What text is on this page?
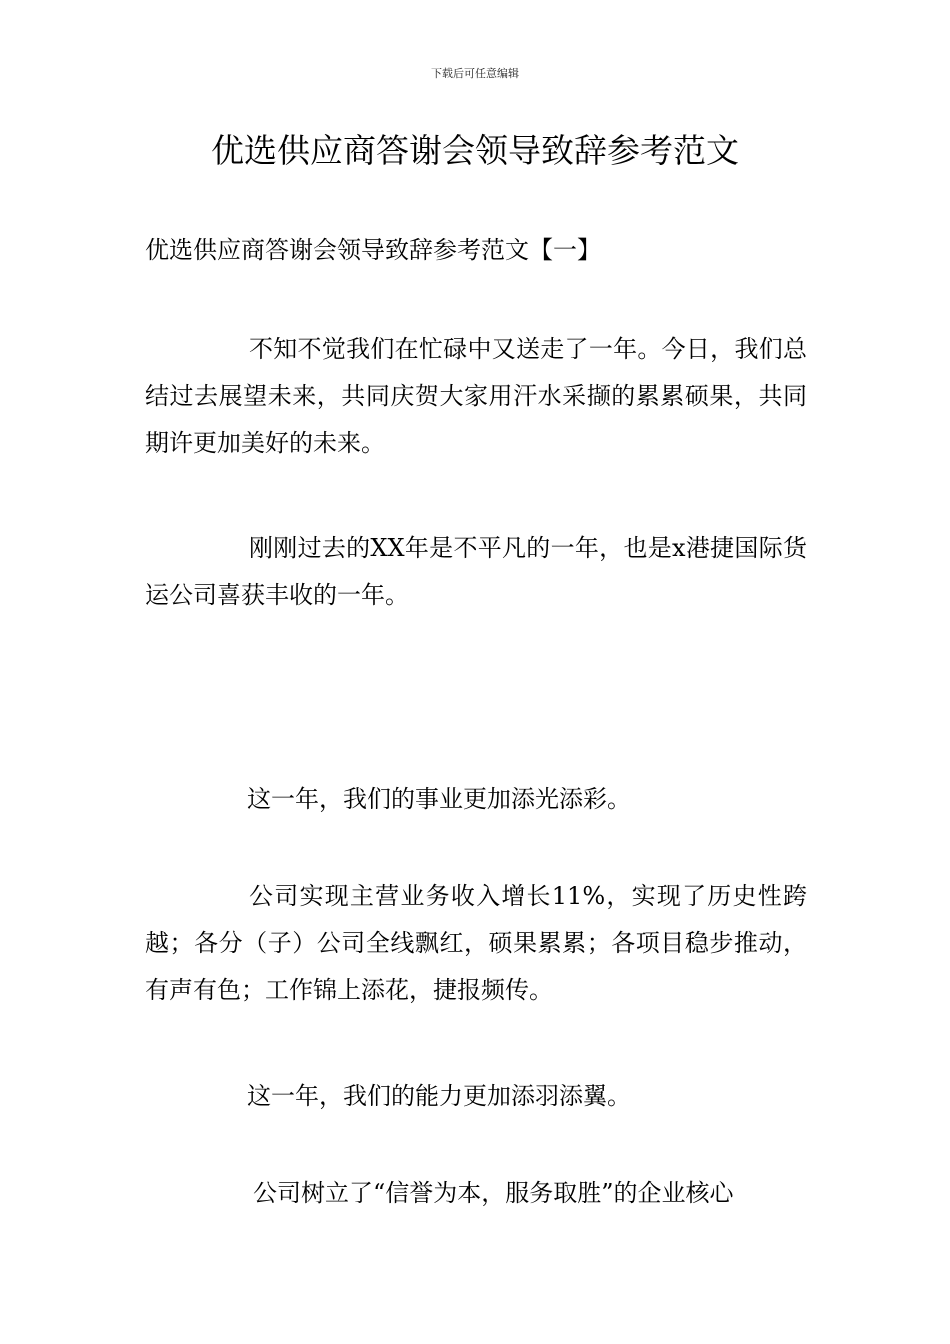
下载后可任意编辑
优选供应商答谢会领导致辞参考范文
优选供应商答谢会领导致辞参考范文【一】

不知不觉我们在忙碌中又送走了一年。今日，我们总结过去展望未来，共同庆贺大家用汗水采撷的累累硕果，共同期许更加美好的未来。

刚刚过去的XX年是不平凡的一年，也是x港捷国际货运公司喜获丰收的一年。

这一年，我们的事业更加添光添彩。

公司实现主营业务收入增长11%，实现了历史性跨越；各分（子）公司全线飘红，硕果累累；各项目稳步推动，有声有色；工作锦上添花，捷报频传。

这一年，我们的能力更加添羽添翼。

公司树立了“信誉为本，服务取胜”的企业核心
